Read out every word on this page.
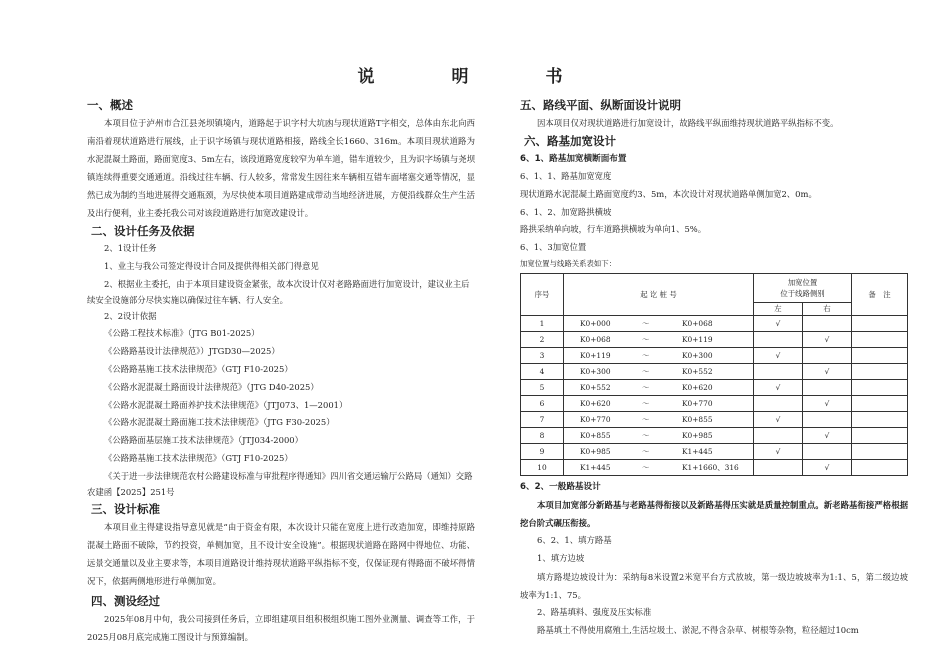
说　明　书

一、概述

本项目位于泸州市合江县尧坝镇境内，道路起于识字村大坑凼与现状道路T字相交，总体由东北向西南沿着现状道路进行展线，止于识字场镇与现状道路相接，路线全长1660、316m。本项目现状道路为水泥混凝土路面，路面宽度3、5m左右，该段道路宽度较窄为单车道，错车道较少，且为识字场镇与尧坝镇连续得重要交通通道。沿线过往车辆、行人较多，常常发生因往来车辆相互错车面堵塞交通等情况，显然已成为制约当地进展得交通瓶颈，为尽快使本项目道路建成带动当地经济进展，方便沿线群众生产生活及出行便利，业主委托我公司对该段道路进行加宽改建设计。

二、设计任务及依据

2、1设计任务

1、业主与我公司签定得设计合同及提供得相关部门得意见

2、根据业主委托，由于本项目建设资金紧张，故本次设计仅对老路路面进行加宽设计，建议业主后续安全设施部分尽快实施以确保过往车辆、行人安全。

2、2设计依据

《公路工程技术标准》（JTG B01-2025）

《公路路基设计法律规范》）JTGD30—2025）

《公路路基施工技术法律规范》（GTJ F10-2025）

《公路水泥混凝土路面设计法律规范》（JTG D40-2025）

《公路水泥混凝土路面养护技术法律规范》（JTJ073、1—2001）

《公路水泥混凝土路面施工技术法律规范》（JTG F30-2025）

《公路路面基层施工技术法律规范》（JTJ034-2000）

《公路路基施工技术法律规范》（GTJ F10-2025）

《关于进一步法律规范农村公路建设标准与审批程序得通知》四川省交通运输厅公路局（通知）交路农建函【2025】251号

三、设计标准

本项目业主得建设指导意见就是“由于资金有限，本次设计只能在宽度上进行改造加宽，即维持原路混凝土路面不破除，节约投资，单侧加宽，且不设计安全设施”。根据现状道路在路网中得地位、功能、远景交通量以及业主要求等，本项目道路设计维持现状道路平纵指标不变，仅保证现有得路面不破坏得情况下，依据两侧地形进行单侧加宽。

四、测设经过

2025年08月中旬，我公司接到任务后，立即组建项目组积极组织施工图外业测量、调查等工作，于2025月08月底完成施工图设计与预算编制。

五、路线平面、纵断面设计说明

因本项目仅对现状道路进行加宽设计，故路线平纵面维持现状道路平纵指标不变。

六、路基加宽设计

6、1、路基加宽横断面布置

6、1、1、路基加宽宽度

现状道路水泥混凝土路面宽度约3、5m，本次设计对现状道路单侧加宽2、0m。

6、1、2、加宽路拱横坡

路拱采纳单向坡，行车道路拱横坡为单向1、5%。

6、1、3加宽位置

加宽位置与线路关系表如下：

序号	起 讫 桩 号	加宽位置
位于线路侧别		备　注
		左	右	
1	K0+000 ～ K0+068	√		
2	K0+068 ～ K0+119		√	
3	K0+119 ～ K0+300	√		
4	K0+300 ～ K0+552		√	
5	K0+552 ～ K0+620	√		
6	K0+620 ～ K0+770		√	
7	K0+770 ～ K0+855	√		
8	K0+855 ～ K0+985		√	
9	K0+985 ～ K1+445	√		
10	K1+445 ～ K1+1660、316		√	

6、2、一般路基设计

本项目加宽部分新路基与老路基得衔接以及新路基得压实就是质量控制重点。新老路基衔接严格根据挖台阶式碾压衔接。

6、2、1、填方路基

1、填方边坡

填方路堤边坡设计为：采纳每8米设置2米宽平台方式放坡，第一级边坡坡率为1:1、5，第二级边坡坡率为1:1、75。

2、路基填料、强度及压实标准

路基填土不得使用腐殖土,生活垃圾土、淤泥,不得含杂草、树根等杂物，粒径超过10cm
